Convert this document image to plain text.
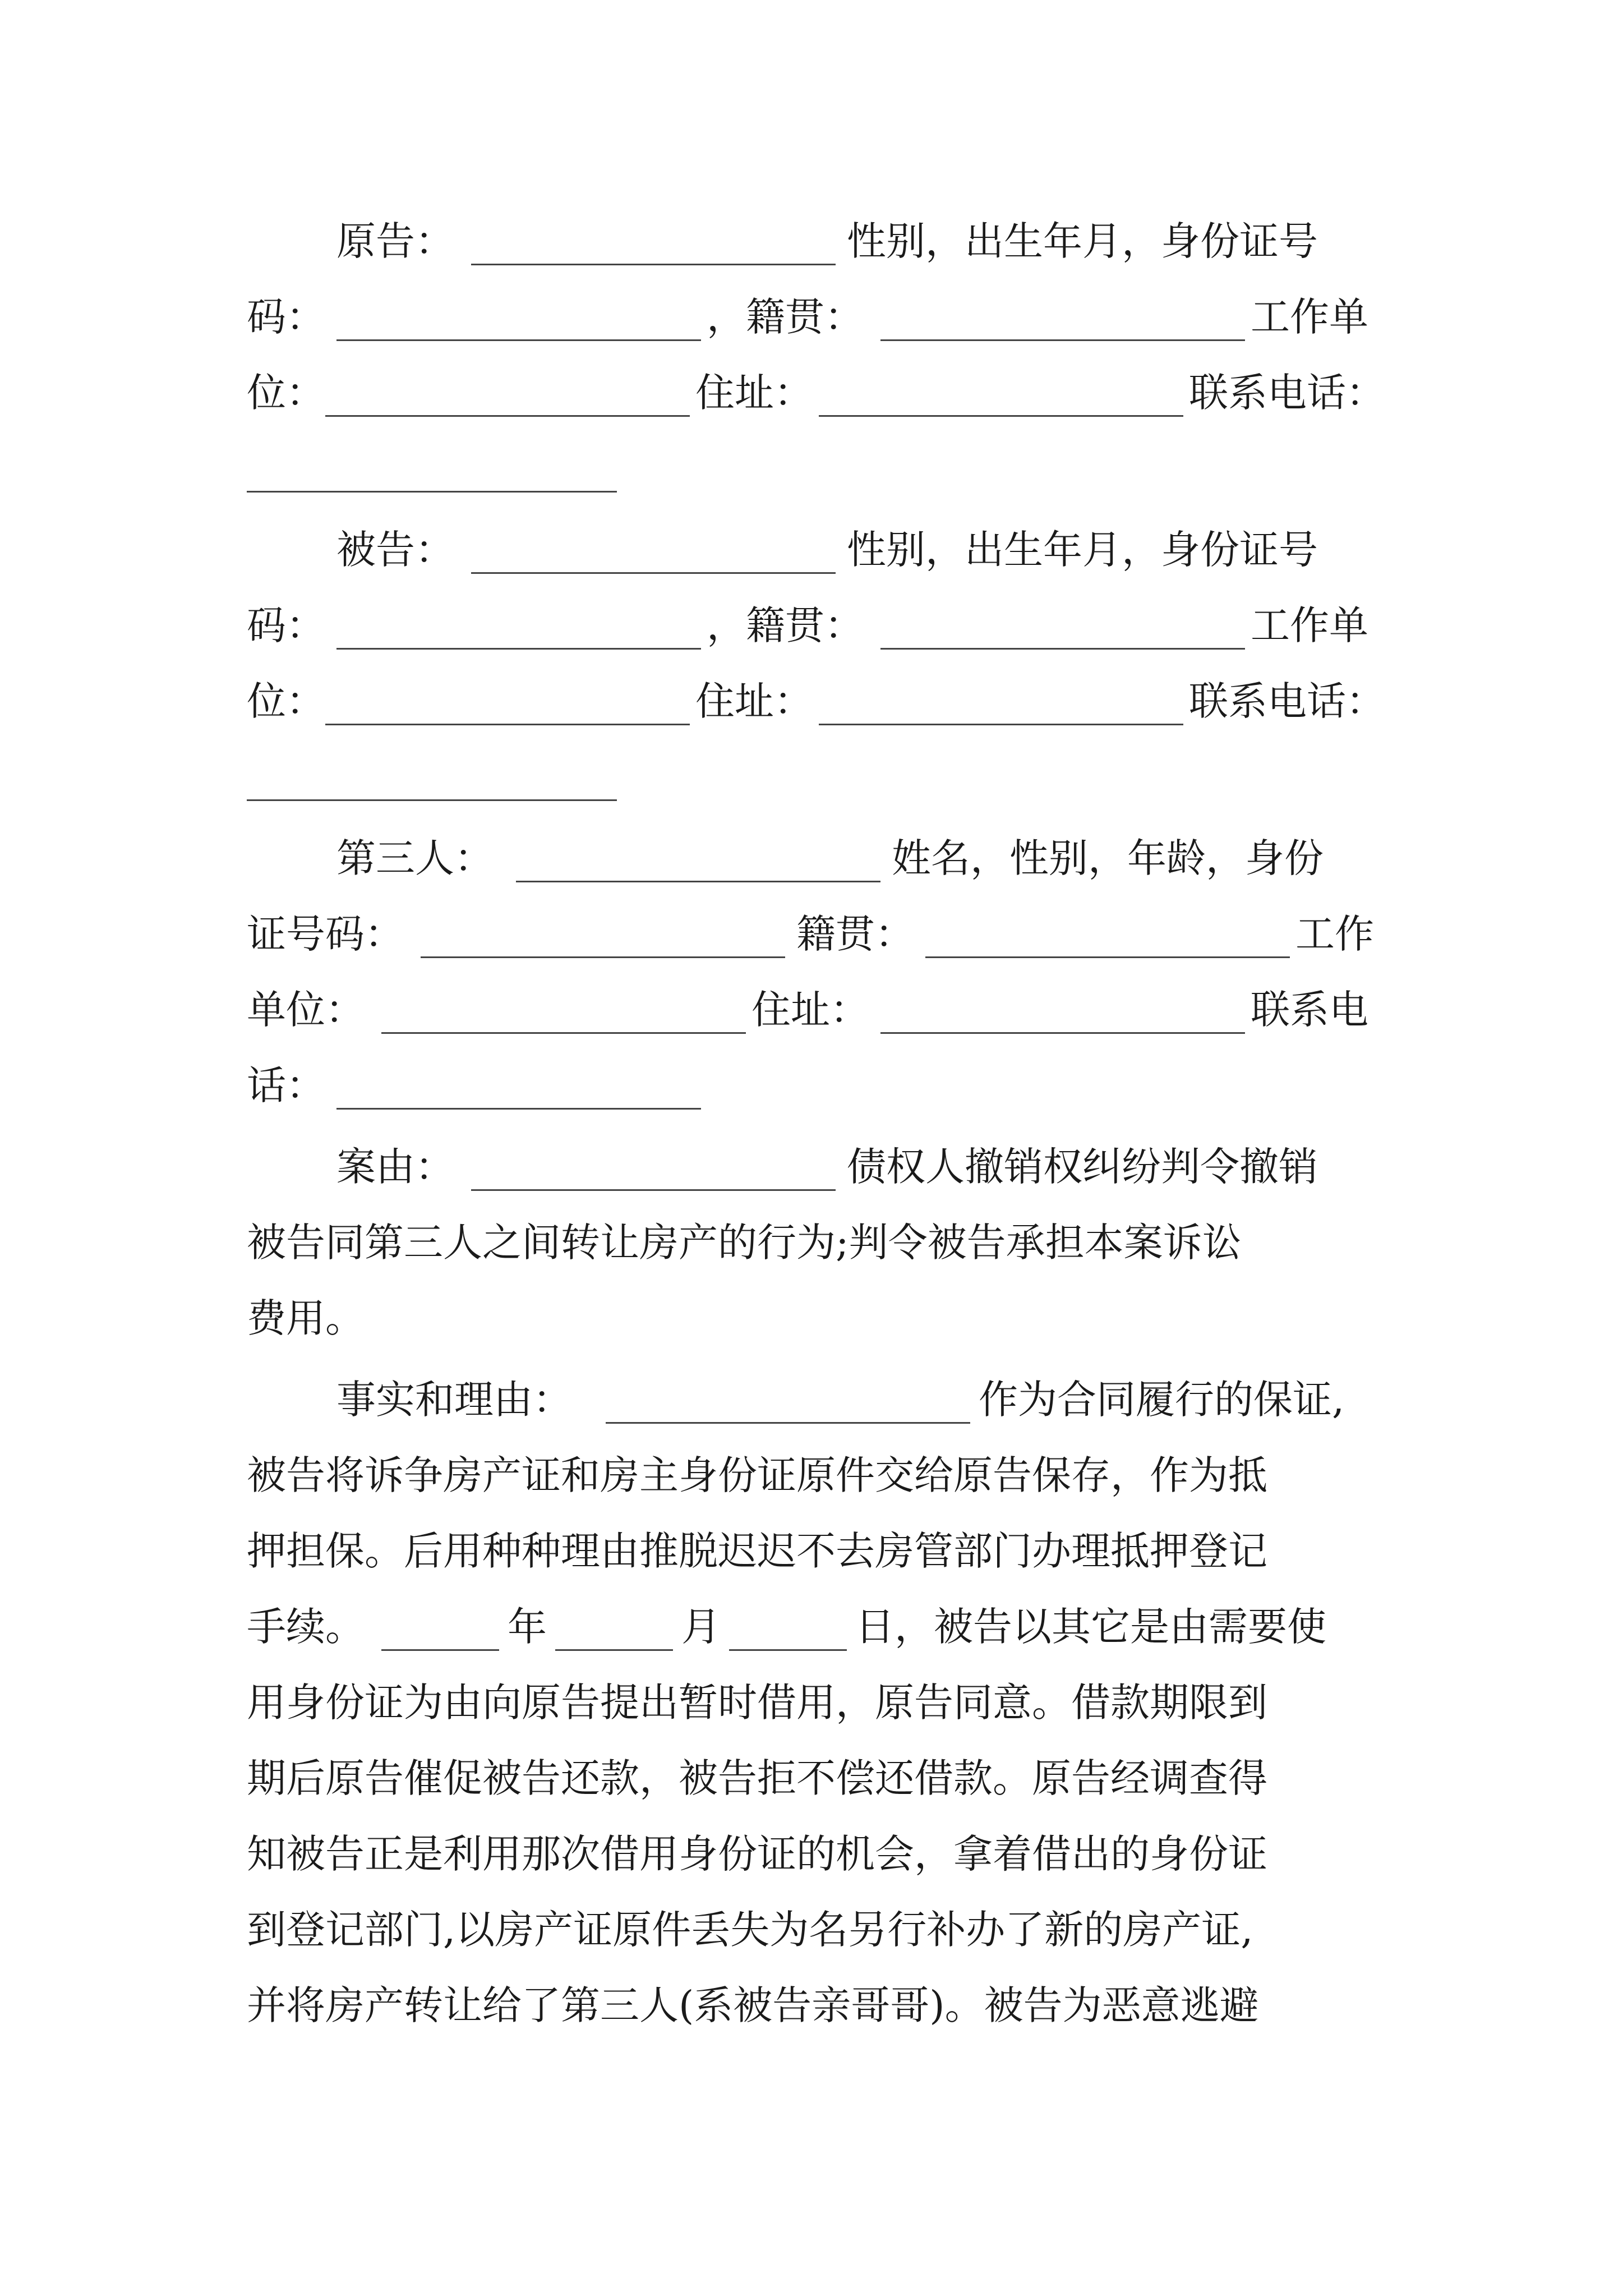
原告：	性别，出生年月，身份证号
码：	，籍贯：	工作单
位：	住址：	联系电话：
被告：	性别，出生年月，身份证号
码：	，籍贯：	工作单
位：	住址：	联系电话：
第三人：	姓名，性别，年龄，身份
证号码：	籍贯：	工作
单位：	住址：	联系电
话：
案由：	债权人撤销权纠纷判令撤销
被告同第三人之间转让房产的行为;判令被告承担本案诉讼
费用。
事实和理由：	作为合同履行的保证,
被告将诉争房产证和房主身份证原件交给原告保存，作为抵
押担保。后用种种理由推脱迟迟不去房管部门办理抵押登记
手续。	年	月	日，被告以其它是由需要使
用身份证为由向原告提出暂时借用，原告同意。借款期限到
期后原告催促被告还款，被告拒不偿还借款。原告经调查得
知被告正是利用那次借用身份证的机会，拿着借出的身份证
到登记部门,以房产证原件丢失为名另行补办了新的房产证,
并将房产转让给了第三人(系被告亲哥哥)。被告为恶意逃避
